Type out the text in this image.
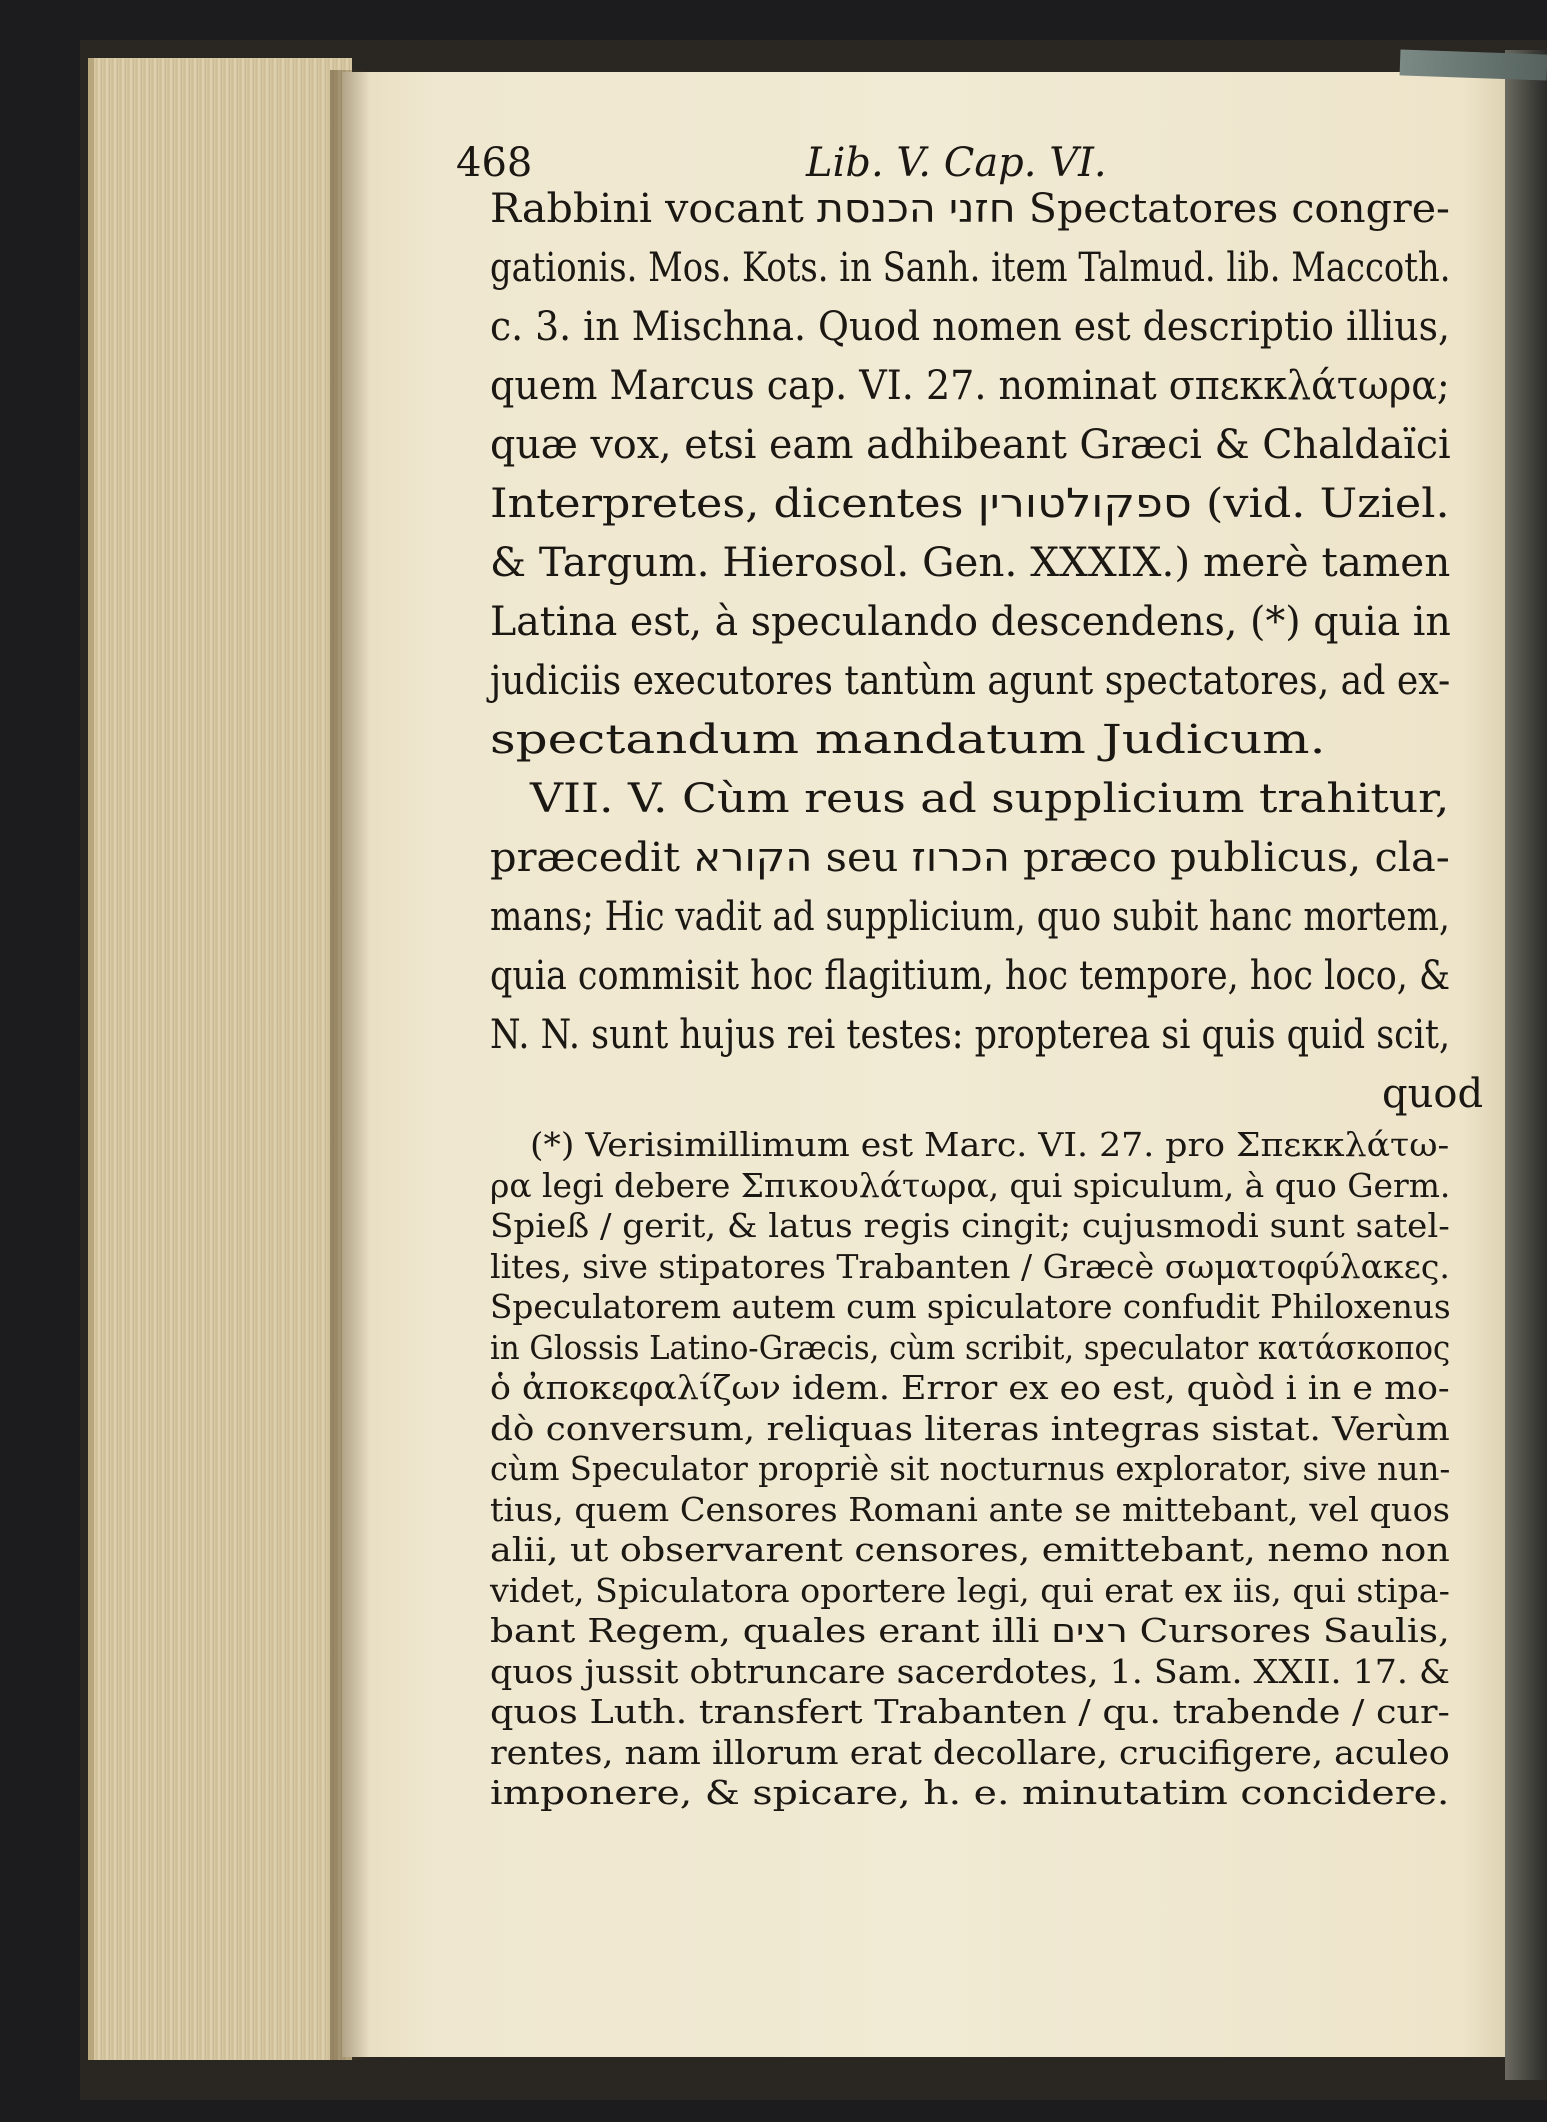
468	Lib. V. Cap. VI.
Rabbini vocant חזני הכנסת Spectatores congre-
gationis. Mos. Kots. in Sanh. item Talmud. lib. Maccoth.
c. 3. in Mischna. Quod nomen est descriptio illius,
quem Marcus cap. VI. 27. nominat σπεκκλάτωρα;
quæ vox, etsi eam adhibeant Græci & Chaldaïci
Interpretes, dicentes ספקולטורין (vid. Uziel.
& Targum. Hierosol. Gen. XXXIX.) merè tamen
Latina est, à speculando descendens, (*) quia in
judiciis executores tantùm agunt spectatores, ad ex-
spectandum mandatum Judicum.
VII. V. Cùm reus ad supplicium trahitur,
præcedit הקורא seu הכרוז præco publicus, cla-
mans; Hic vadit ad supplicium, quo subit hanc mortem,
quia commisit hoc flagitium, hoc tempore, hoc loco, &
N. N. sunt hujus rei testes: propterea si quis quid scit,
quod
(*) Verisimillimum est Marc. VI. 27. pro Σπεκκλάτω-
ρα legi debere Σπικουλάτωρα, qui spiculum, à quo Germ.
Spieß / gerit, & latus regis cingit; cujusmodi sunt satel-
lites, sive stipatores Trabanten / Græcè σωματοφύλακες.
Speculatorem autem cum spiculatore confudit Philoxenus
in Glossis Latino-Græcis, cùm scribit, speculator κατάσκοπος
ὁ ἀποκεφαλίζων idem. Error ex eo est, quòd i in e mo-
dò conversum, reliquas literas integras sistat. Verùm
cùm Speculator propriè sit nocturnus explorator, sive nun-
tius, quem Censores Romani ante se mittebant, vel quos
alii, ut observarent censores, emittebant, nemo non
videt, Spiculatora oportere legi, qui erat ex iis, qui stipa-
bant Regem, quales erant illi רצים Cursores Saulis,
quos jussit obtruncare sacerdotes, 1. Sam. XXII. 17. &
quos Luth. transfert Trabanten / qu. trabende / cur-
rentes, nam illorum erat decollare, crucifigere, aculeo
imponere, & spicare, h. e. minutatim concidere.
